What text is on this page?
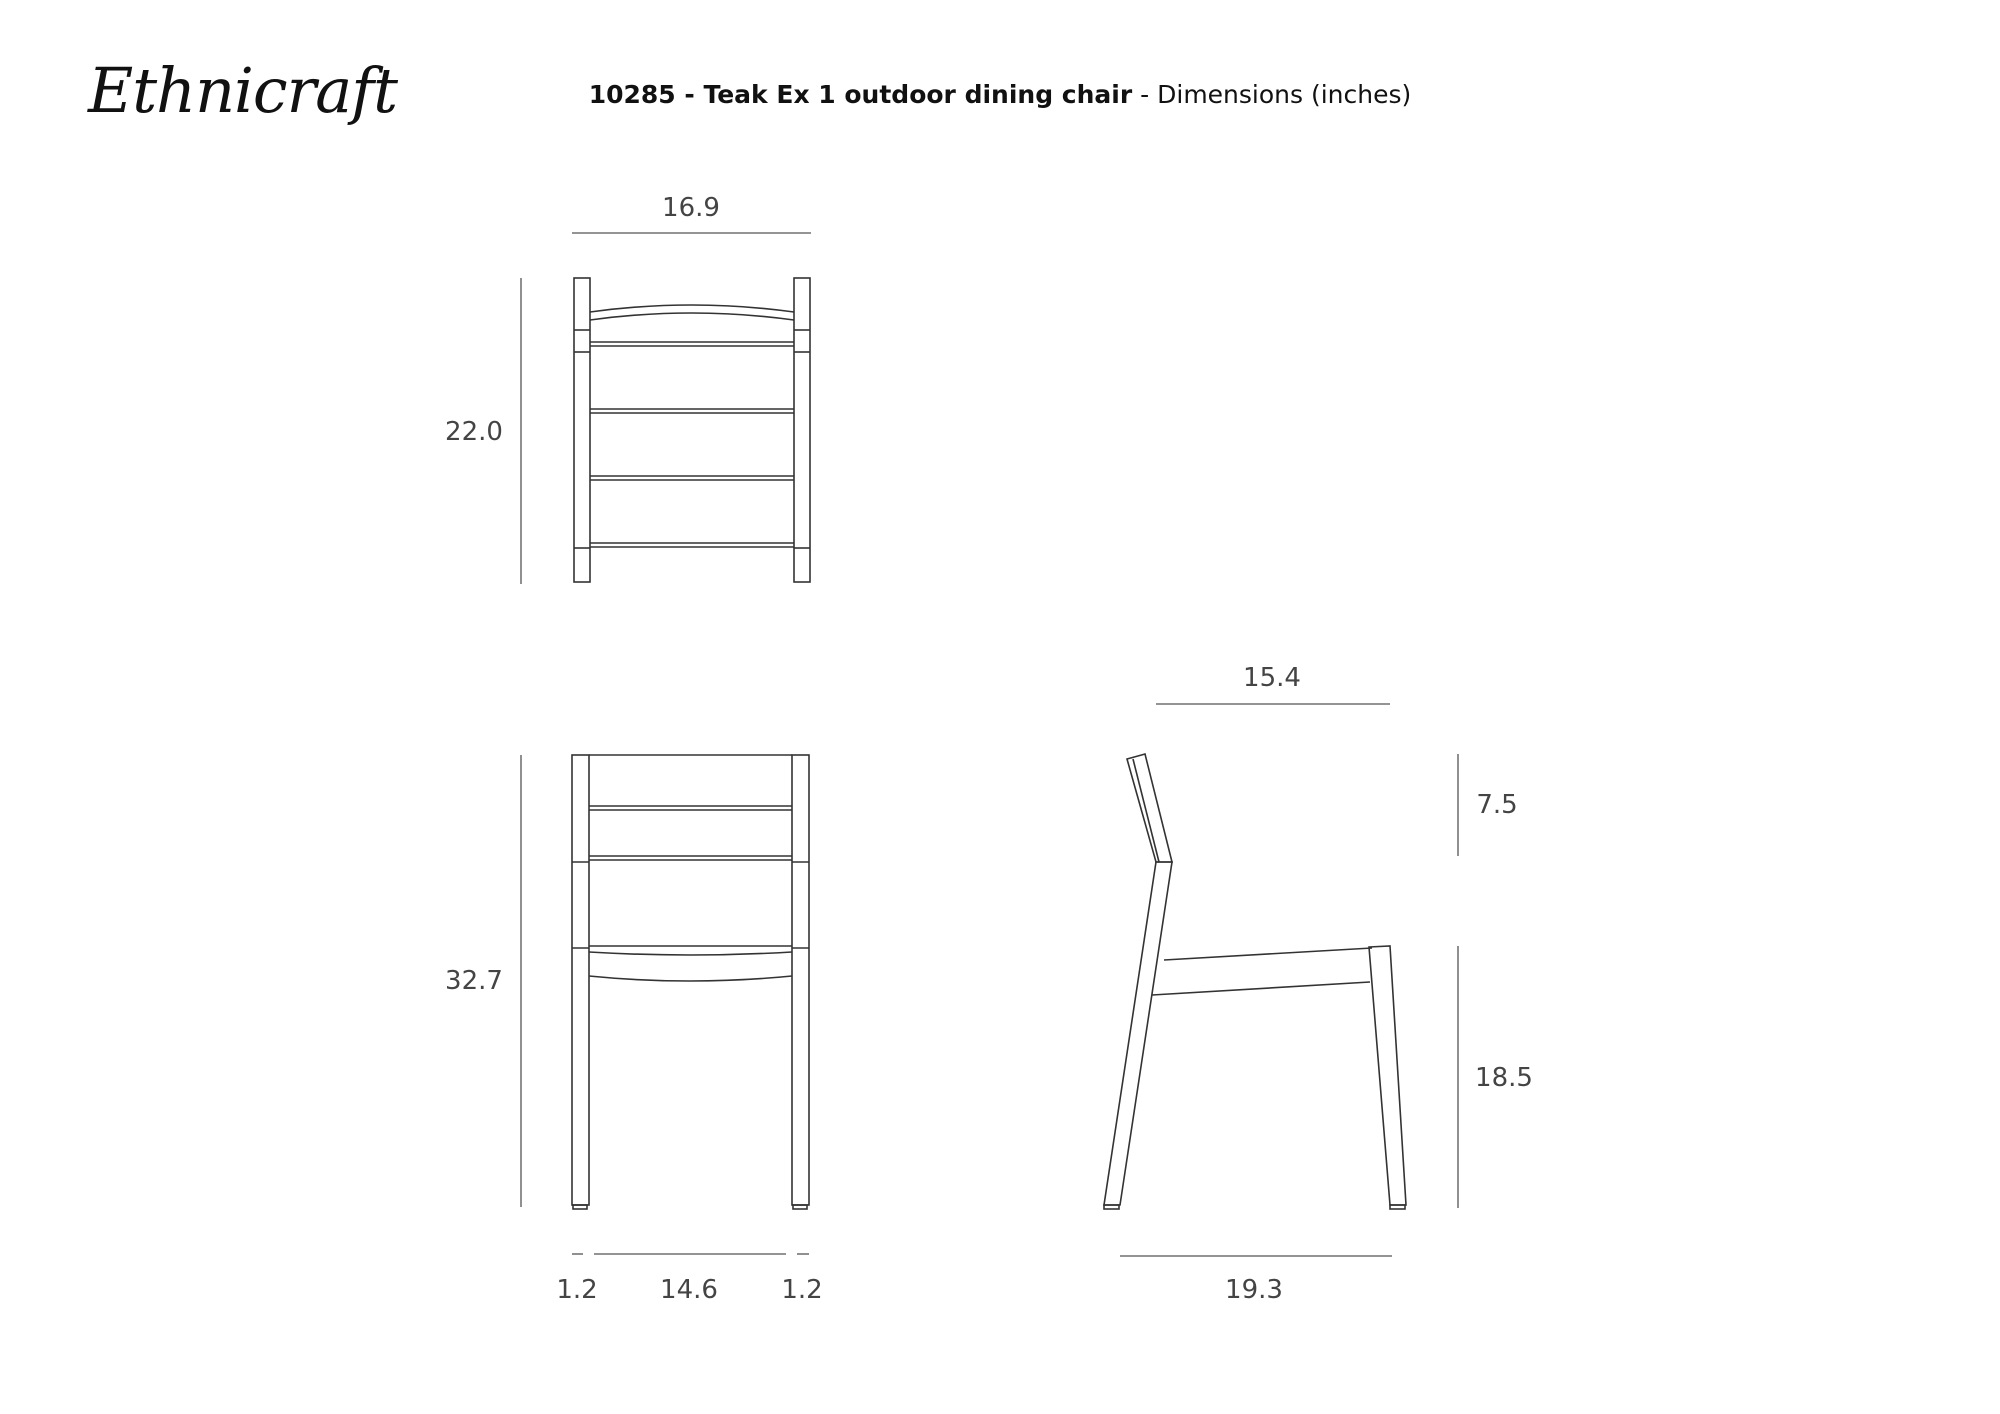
Ethnicraft	10285 - Teak Ex 1 outdoor dining chair - Dimensions (inches)
16.9
22.0
32.7
1.2 14.6 1.2
15.4
7.5
18.5
19.3
